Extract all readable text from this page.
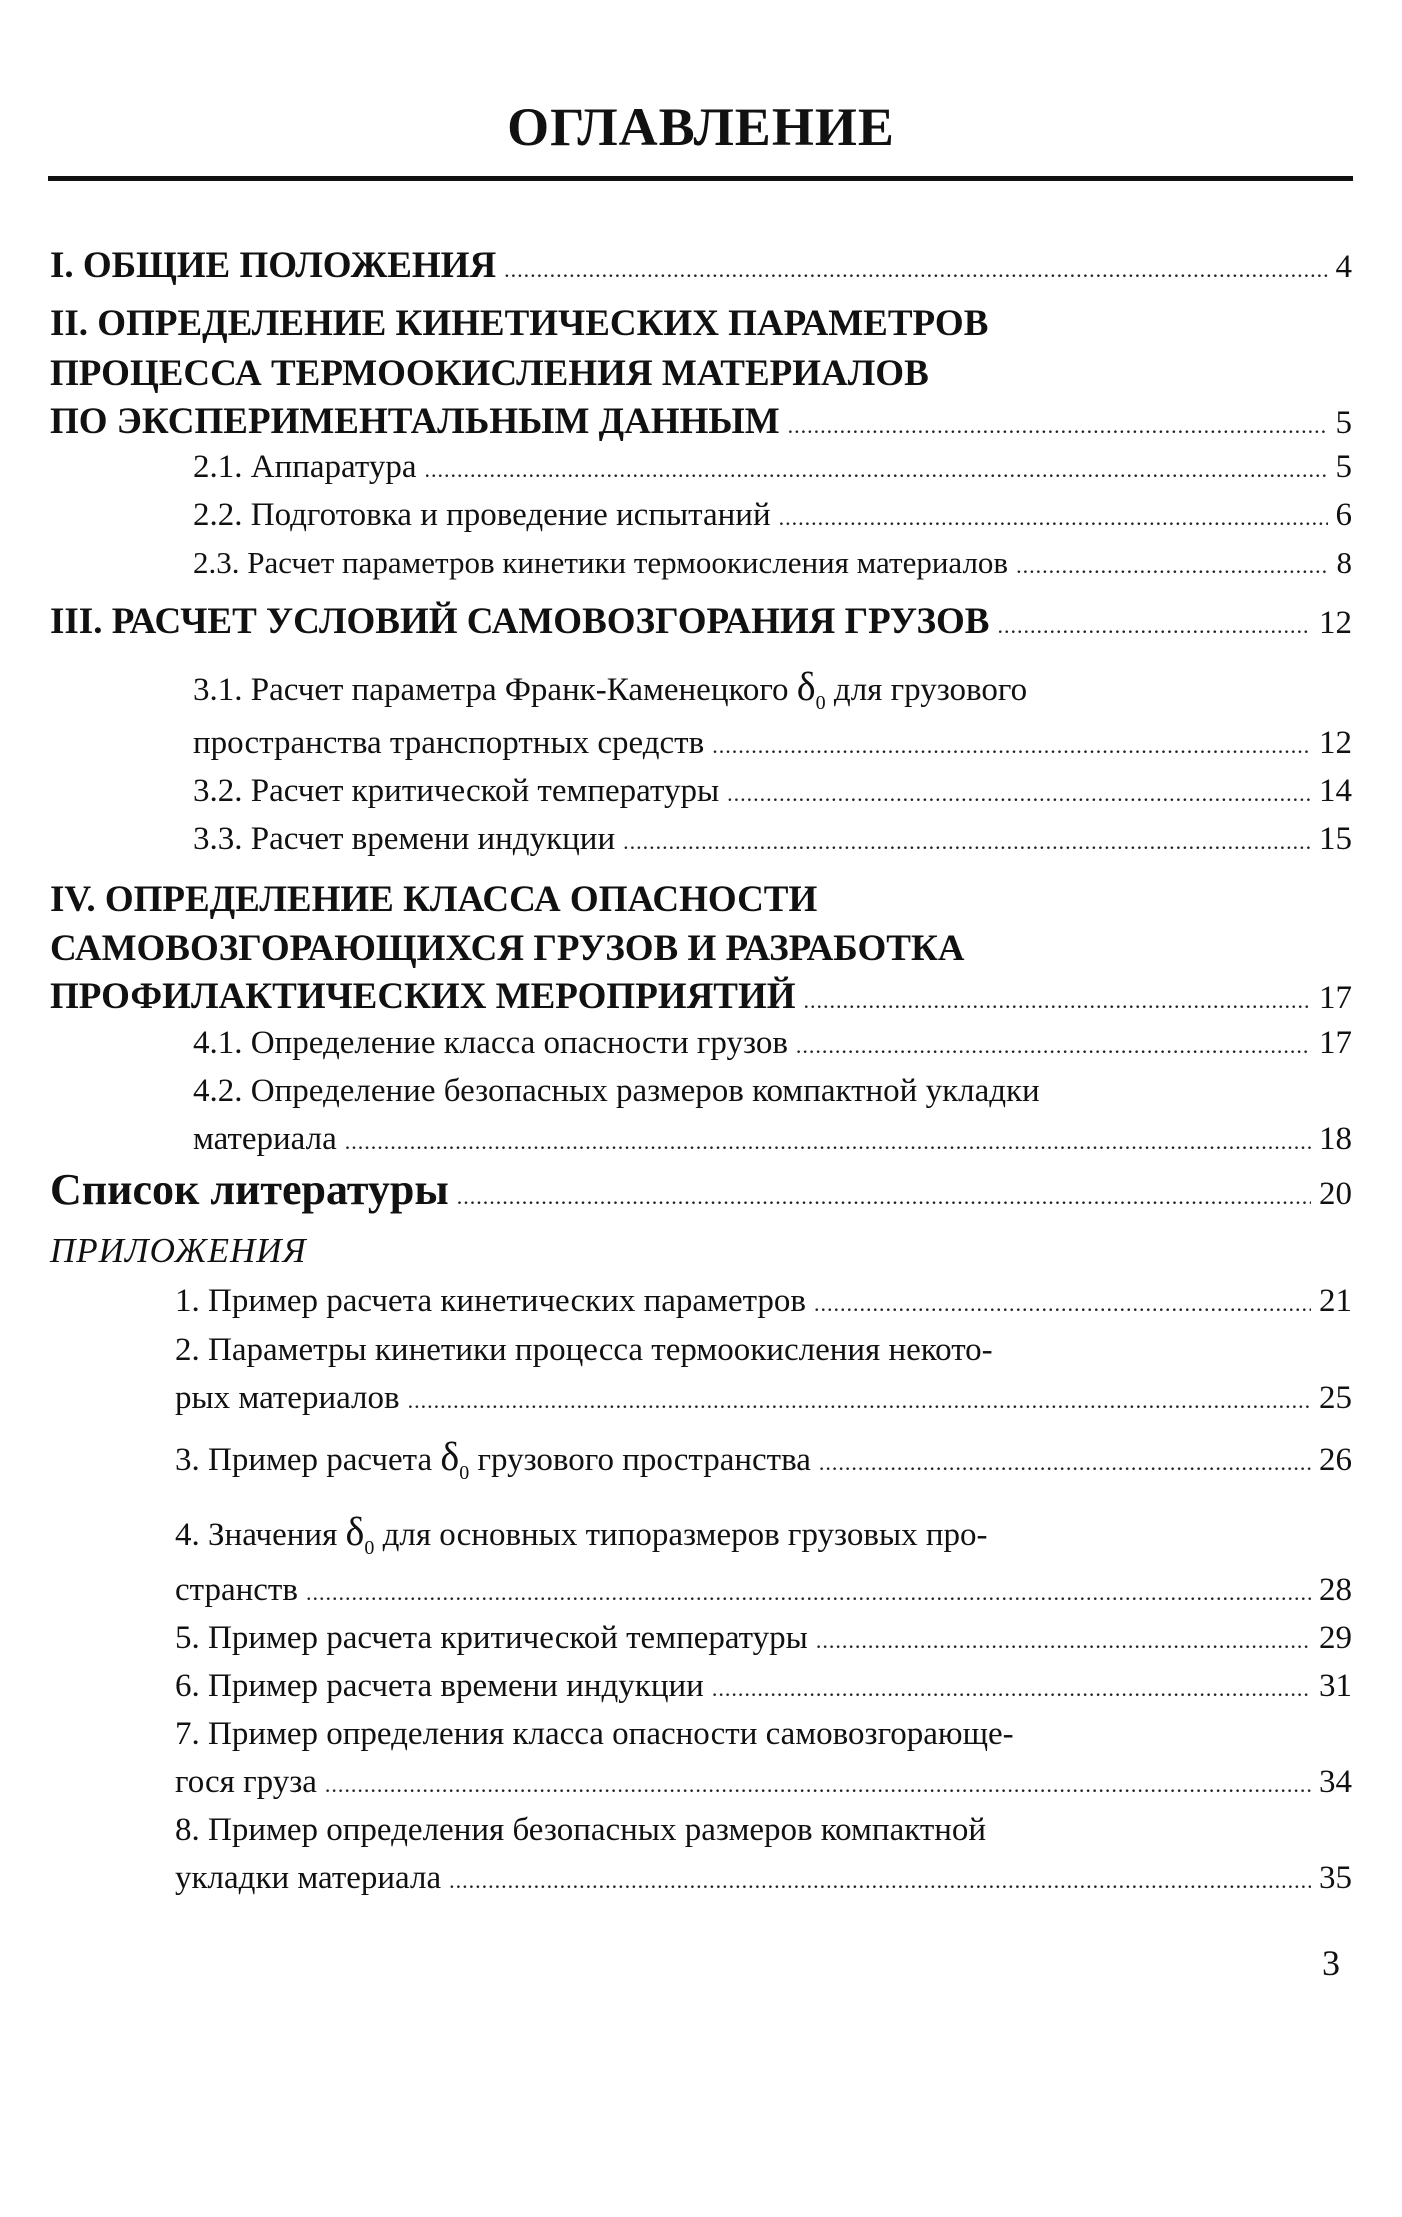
ОГЛАВЛЕНИЕ
I. ОБЩИЕ ПОЛОЖЕНИЯ .....	4
II. ОПРЕДЕЛЕНИЕ КИНЕТИЧЕСКИХ ПАРАМЕТРОВ
ПРОЦЕССА ТЕРМООКИСЛЕНИЯ МАТЕРИАЛОВ
ПО ЭКСПЕРИМЕНТАЛЬНЫМ ДАННЫМ .....	5
2.1. Аппаратура .....	5
2.2. Подготовка и проведение испытаний .....	6
2.3. Расчет параметров кинетики термоокисления материалов .....	8
III. РАСЧЕТ УСЛОВИЙ САМОВОЗГОРАНИЯ ГРУЗОВ .....	12
3.1. Расчет параметра Франк-Каменецкого $\delta_0$ для грузового
пространства транспортных средств .....	12
3.2. Расчет критической температуры .....	14
3.3. Расчет времени индукции .....	15
IV. ОПРЕДЕЛЕНИЕ КЛАССА ОПАСНОСТИ
САМОВОЗГОРАЮЩИХСЯ ГРУЗОВ И РАЗРАБОТКА
ПРОФИЛАКТИЧЕСКИХ МЕРОПРИЯТИЙ .....	17
4.1. Определение класса опасности грузов .....	17
4.2. Определение безопасных размеров компактной укладки
материала .....	18
Список литературы .....	20
ПРИЛОЖЕНИЯ
1. Пример расчета кинетических параметров .....	21
2. Параметры кинетики процесса термоокисления некото-
рых материалов .....	25
3. Пример расчета $\delta_0$ грузового пространства .....	26
4. Значения $\delta_0$ для основных типоразмеров грузовых про-
странств .....	28
5. Пример расчета критической температуры .....	29
6. Пример расчета времени индукции .....	31
7. Пример определения класса опасности самовозгорающе-
гося груза .....	34
8. Пример определения безопасных размеров компактной
укладки материала .....	35
3
